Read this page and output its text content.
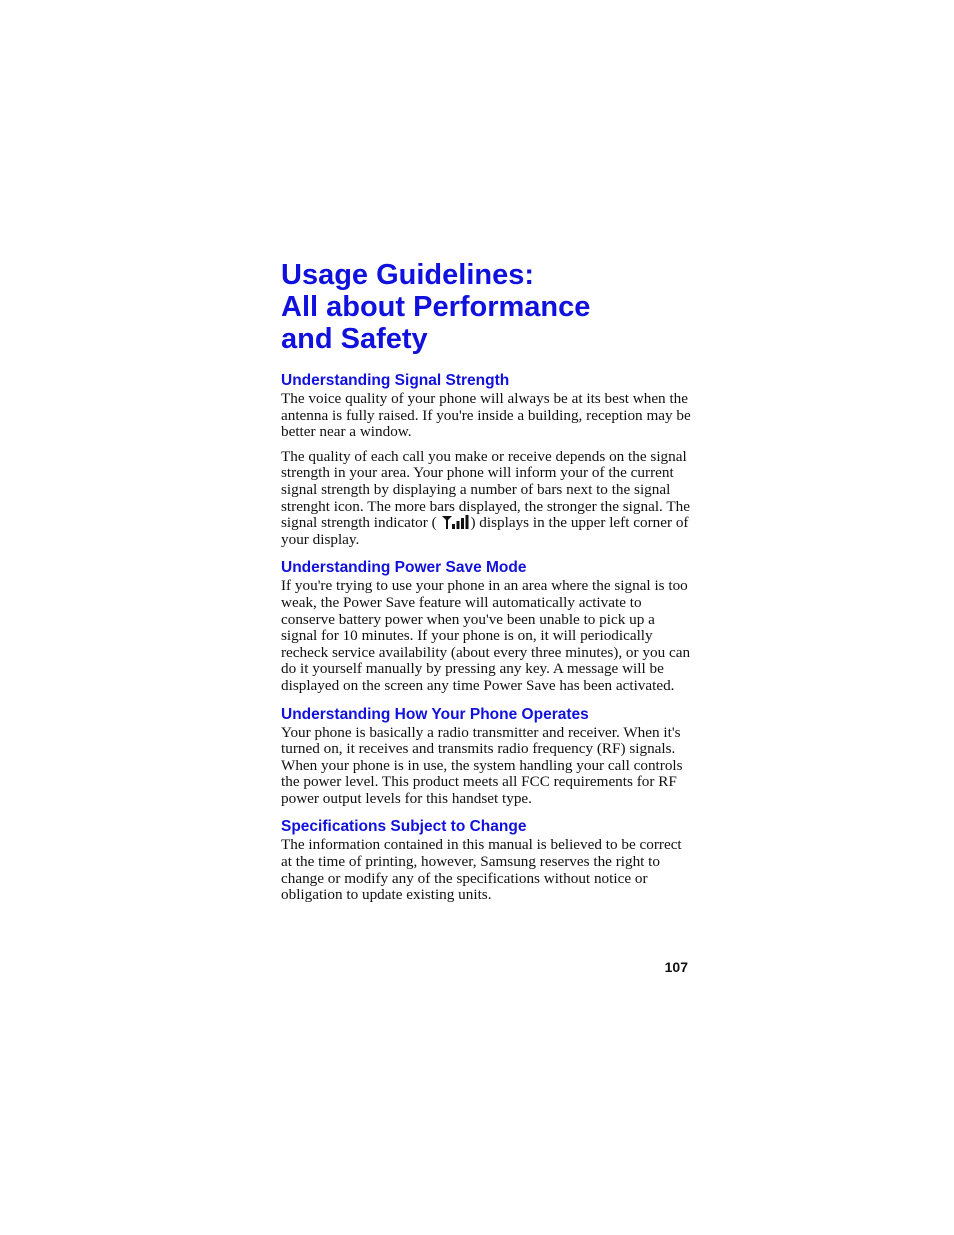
Usage Guidelines:
All about Performance
and Safety
Understanding Signal Strength

The voice quality of your phone will always be at its best when the antenna is fully raised. If you're inside a building, reception may be better near a window.

The quality of each call you make or receive depends on the signal strength in your area. Your phone will inform your of the current signal strength by displaying a number of bars next to the signal strenght icon. The more bars displayed, the stronger the signal. The signal strength indicator ( ) displays in the upper left corner of your display.

Understanding Power Save Mode

If you're trying to use your phone in an area where the signal is too weak, the Power Save feature will automatically activate to conserve battery power when you've been unable to pick up a signal for 10 minutes. If your phone is on, it will periodically recheck service availability (about every three minutes), or you can do it yourself manually by pressing any key. A message will be displayed on the screen any time Power Save has been activated.

Understanding How Your Phone Operates

Your phone is basically a radio transmitter and receiver. When it's turned on, it receives and transmits radio frequency (RF) signals. When your phone is in use, the system handling your call controls the power level. This product meets all FCC requirements for RF power output levels for this handset type.

Specifications Subject to Change

The information contained in this manual is believed to be correct at the time of printing, however, Samsung reserves the right to change or modify any of the specifications without notice or obligation to update existing units.

107
